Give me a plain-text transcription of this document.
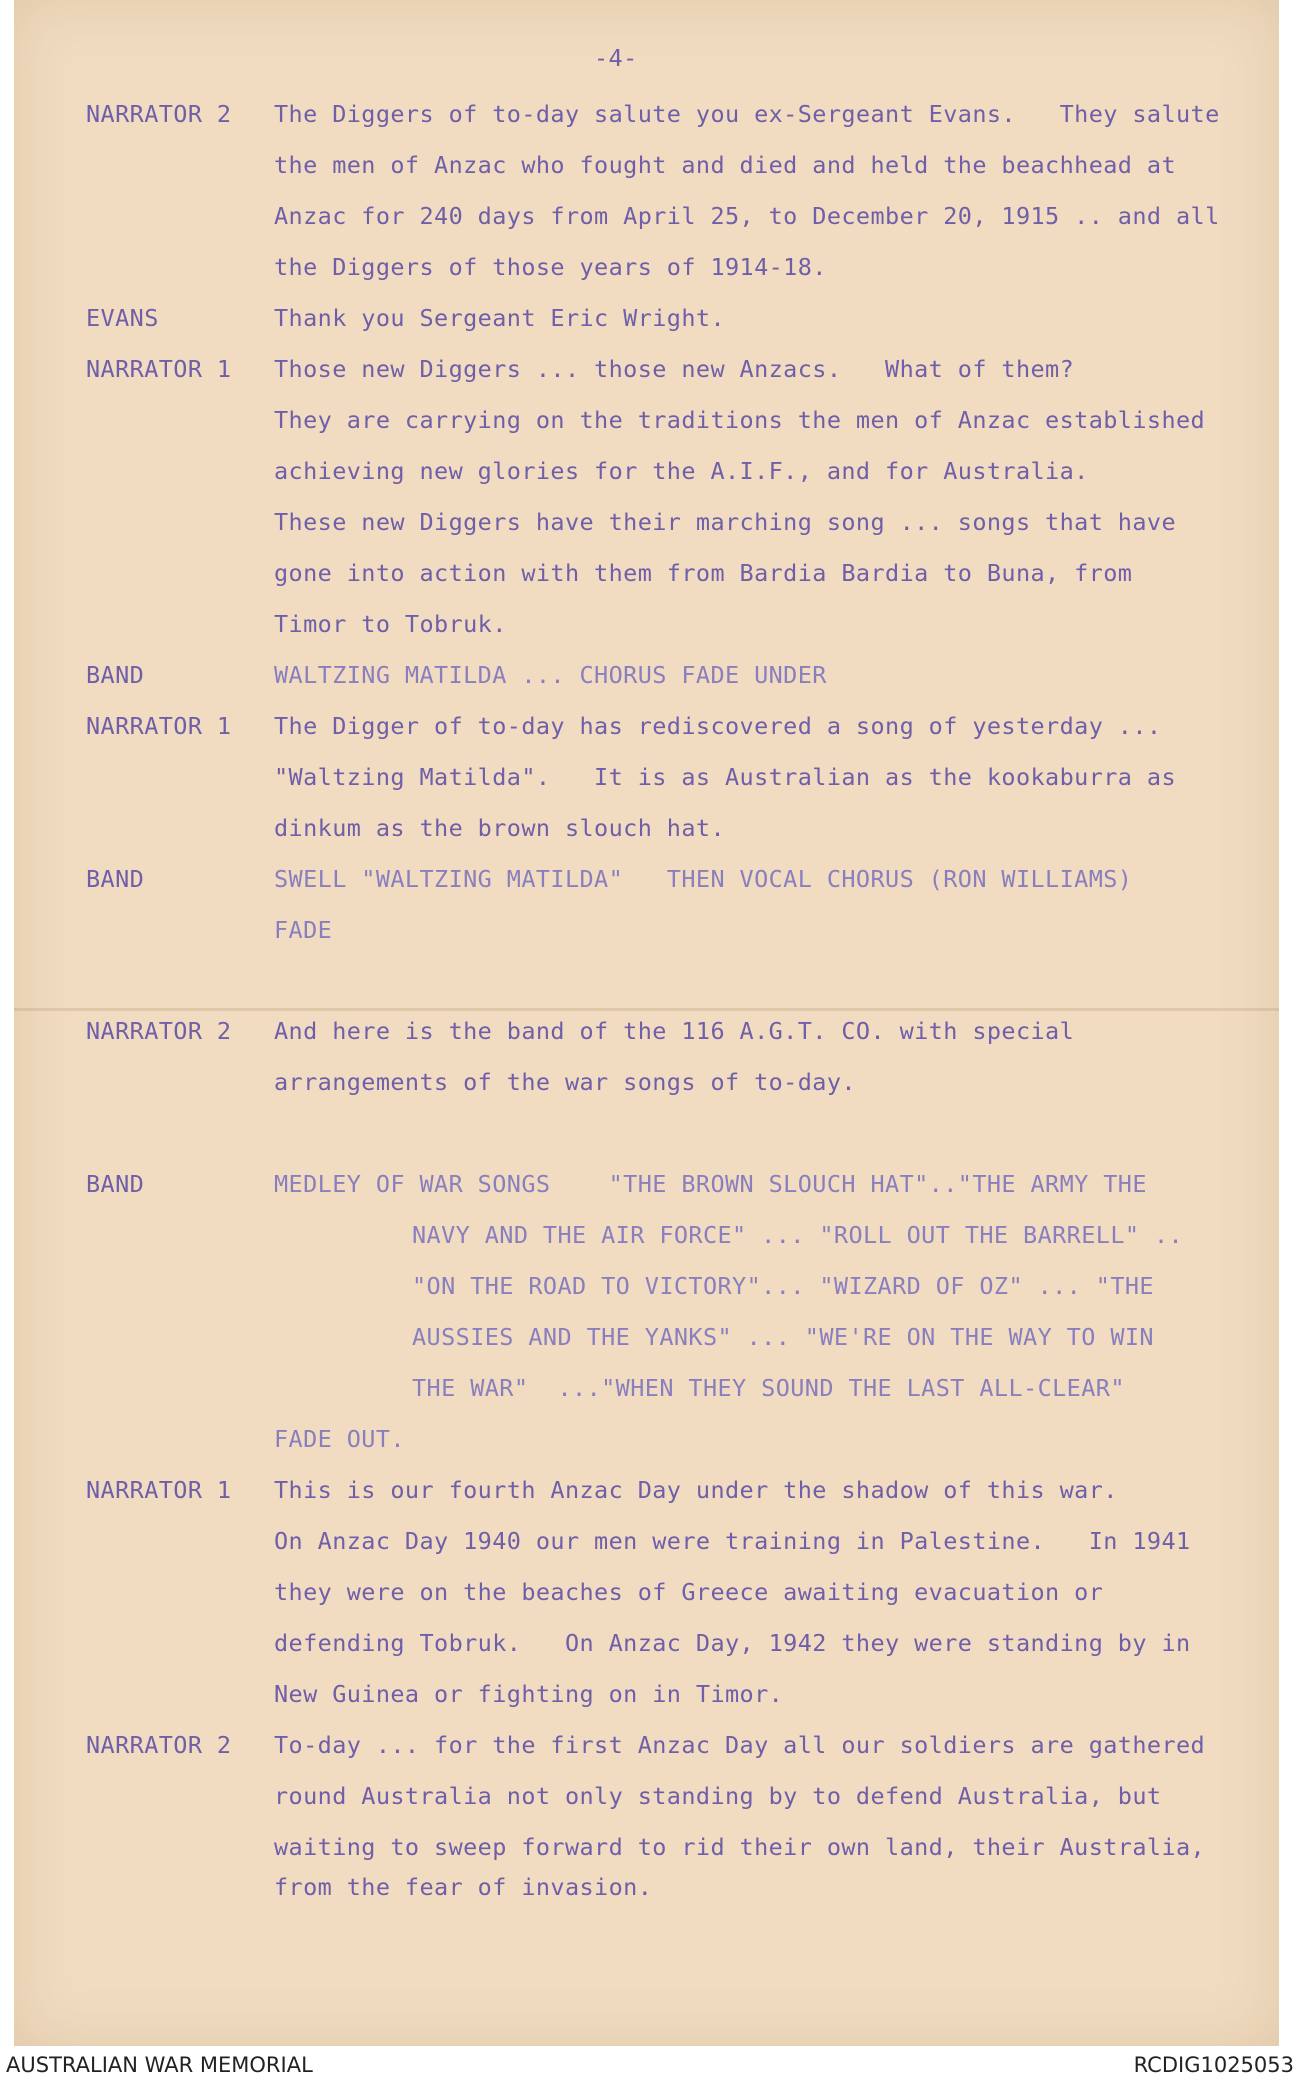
-4-
NARRATOR 2 The Diggers of to-day salute you ex-Sergeant Evans.   They salute
the men of Anzac who fought and died and held the beachhead at
Anzac for 240 days from April 25, to December 20, 1915 .. and all
the Diggers of those years of 1914-18.
EVANS	Thank you Sergeant Eric Wright.
NARRATOR 1 Those new Diggers ... those new Anzacs.   What of them?
They are carrying on the traditions the men of Anzac established
achieving new glories for the A.I.F., and for Australia.
These new Diggers have their marching song ... songs that have
gone into action with them from Bardia Bardia to Buna, from
Timor to Tobruk.
BAND	WALTZING MATILDA ... CHORUS FADE UNDER
NARRATOR 1 The Digger of to-day has rediscovered a song of yesterday ...
"Waltzing Matilda".   It is as Australian as the kookaburra as
dinkum as the brown slouch hat.
BAND	SWELL "WALTZING MATILDA"   THEN VOCAL CHORUS (RON WILLIAMS)
FADE
NARRATOR 2 And here is the band of the 116 A.G.T. CO. with special
arrangements of the war songs of to-day.
BAND	MEDLEY OF WAR SONGS    "THE BROWN SLOUCH HAT".."THE ARMY THE
NAVY AND THE AIR FORCE" ... "ROLL OUT THE BARRELL" ..
"ON THE ROAD TO VICTORY"... "WIZARD OF OZ" ... "THE
AUSSIES AND THE YANKS" ... "WE'RE ON THE WAY TO WIN
THE WAR"  ..."WHEN THEY SOUND THE LAST ALL-CLEAR"
FADE OUT.
NARRATOR 1 This is our fourth Anzac Day under the shadow of this war.
On Anzac Day 1940 our men were training in Palestine.   In 1941
they were on the beaches of Greece awaiting evacuation or
defending Tobruk.   On Anzac Day, 1942 they were standing by in
New Guinea or fighting on in Timor.
NARRATOR 2 To-day ... for the first Anzac Day all our soldiers are gathered
round Australia not only standing by to defend Australia, but
waiting to sweep forward to rid their own land, their Australia,
from the fear of invasion.
AUSTRALIAN WAR MEMORIAL	RCDIG1025053
